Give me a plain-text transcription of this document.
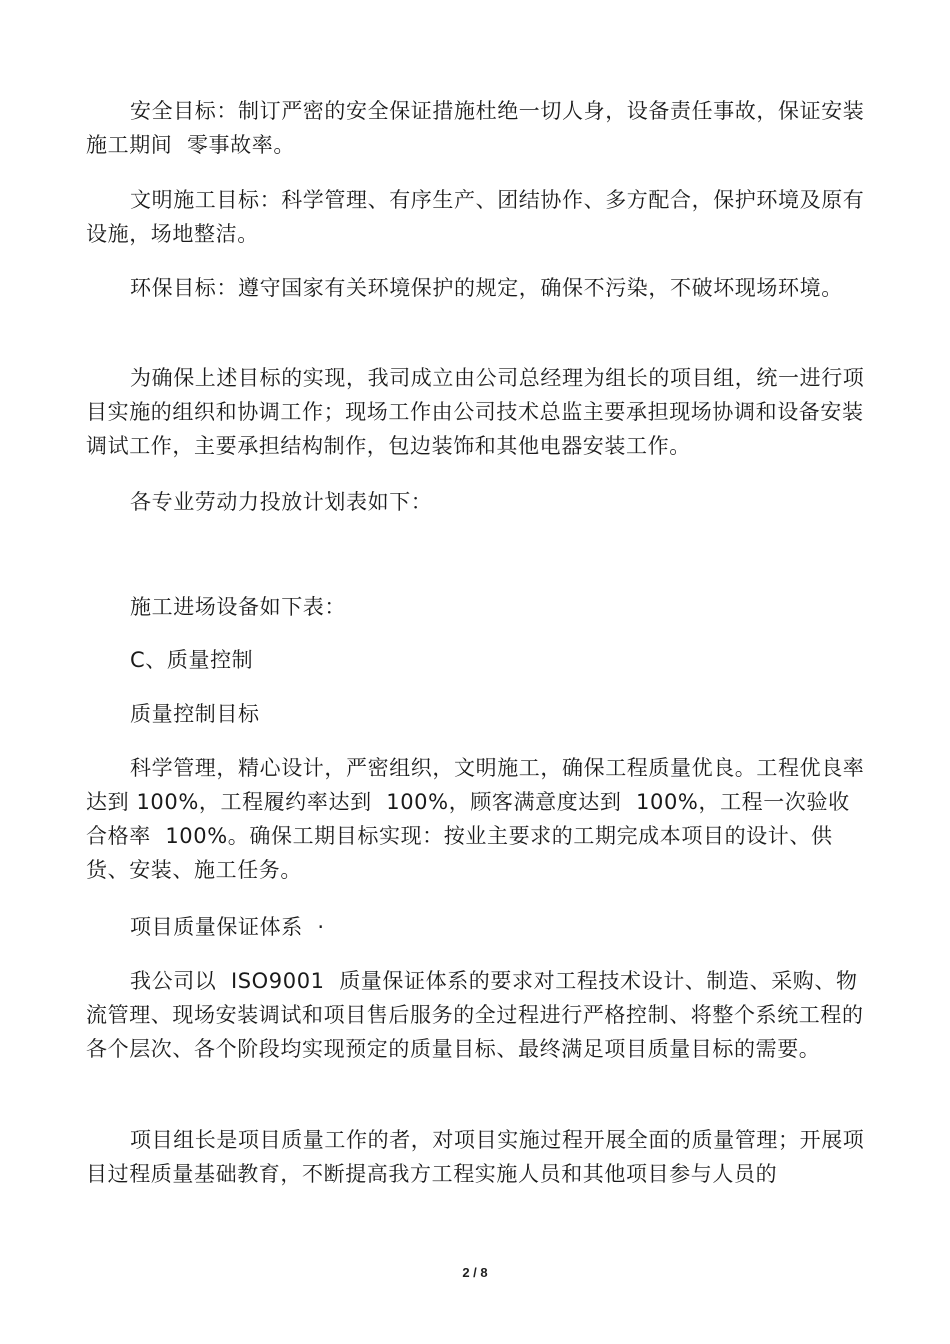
安全目标：制订严密的安全保证措施杜绝一切人身，设备责任事故，保证安装施工期间  零事故率。

文明施工目标：科学管理、有序生产、团结协作、多方配合，保护环境及原有设施，场地整洁。

环保目标：遵守国家有关环境保护的规定，确保不污染，不破坏现场环境。

为确保上述目标的实现，我司成立由公司总经理为组长的项目组，统一进行项目实施的组织和协调工作；现场工作由公司技术总监主要承担现场协调和设备安装调试工作，主要承担结构制作，包边装饰和其他电器安装工作。

各专业劳动力投放计划表如下：

施工进场设备如下表：

C、质量控制

质量控制目标

科学管理，精心设计，严密组织，文明施工，确保工程质量优良。工程优良率达到 100%，工程履约率达到  100%，顾客满意度达到  100%，工程一次验收合格率  100%。确保工期目标实现：按业主要求的工期完成本项目的设计、供货、安装、施工任务。

项目质量保证体系  ·

我公司以  ISO9001  质量保证体系的要求对工程技术设计、制造、采购、物流管理、现场安装调试和项目售后服务的全过程进行严格控制、将整个系统工程的各个层次、各个阶段均实现预定的质量目标、最终满足项目质量目标的需要。

项目组长是项目质量工作的者，对项目实施过程开展全面的质量管理；开展项  目过程质量基础教育，不断提高我方工程实施人员和其他项目参与人员的

2 / 8
